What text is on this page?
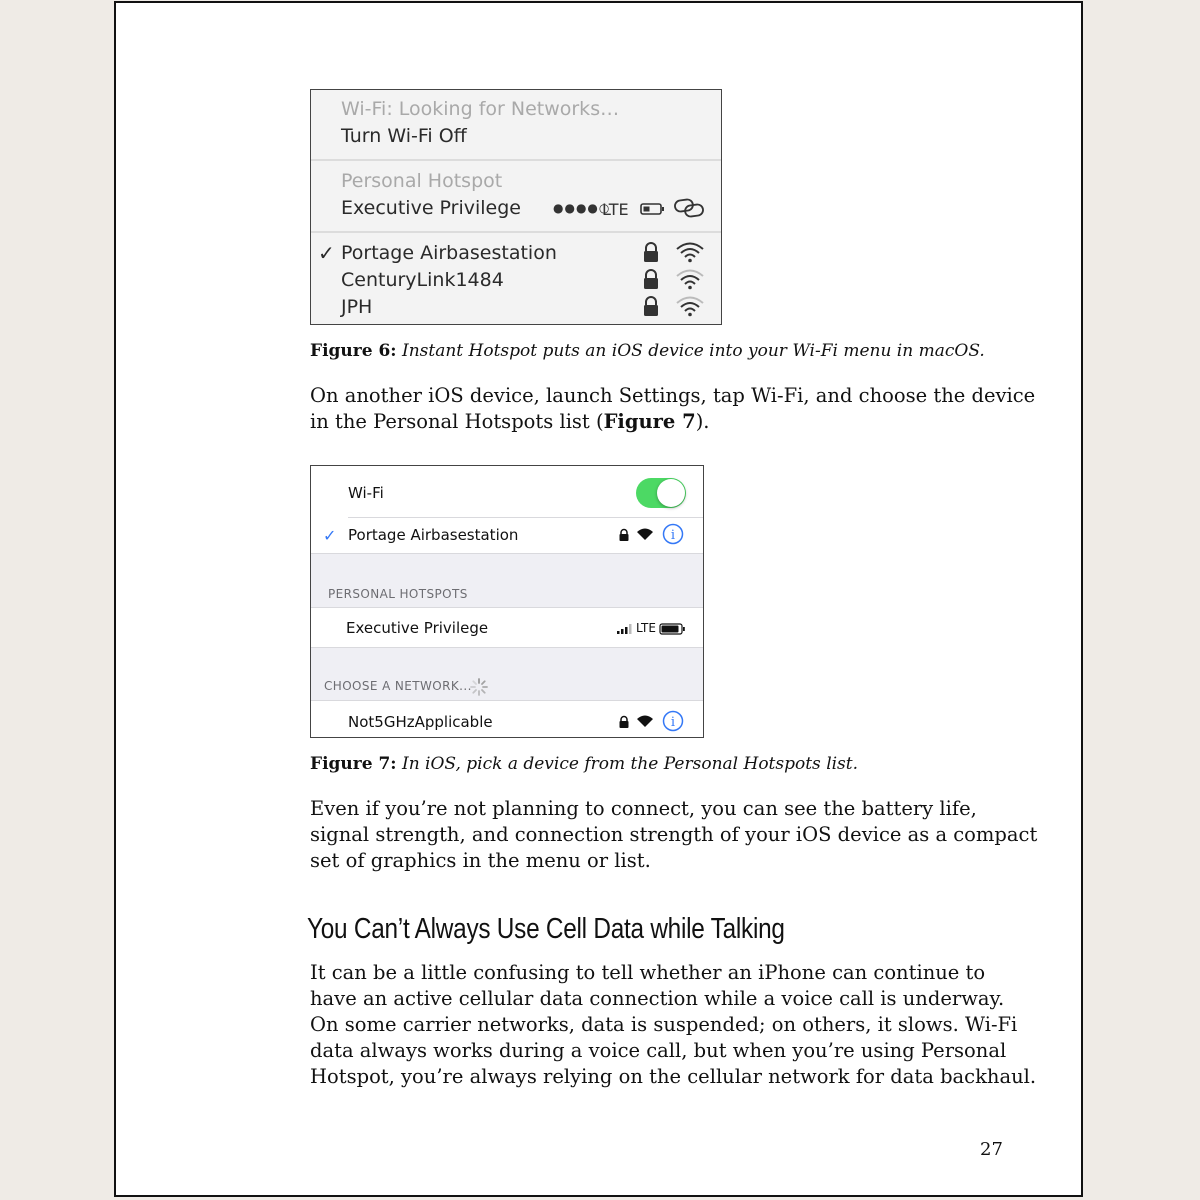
Wi-Fi: Looking for Networks…
Turn Wi-Fi Off
Personal Hotspot
Executive Privilege	●●●●○
LTE
✓ Portage Airbasestation
CenturyLink1484
JPH
Figure 6: Instant Hotspot puts an iOS device into your Wi-Fi menu in macOS.
On another iOS device, launch Settings, tap Wi-Fi, and choose the device
in the Personal Hotspots list (Figure 7).
Wi-Fi
✓ Portage Airbasestation	i
PERSONAL HOTSPOTS
Executive Privilege	LTE
CHOOSE A NETWORK...
Not5GHzApplicable	i
Figure 7: In iOS, pick a device from the Personal Hotspots list.
Even if you’re not planning to connect, you can see the battery life,
signal strength, and connection strength of your iOS device as a compact
set of graphics in the menu or list.
You Can’t Always Use Cell Data while Talking
It can be a little confusing to tell whether an iPhone can continue to
have an active cellular data connection while a voice call is underway.
On some carrier networks, data is suspended; on others, it slows. Wi-Fi
data always works during a voice call, but when you’re using Personal
Hotspot, you’re always relying on the cellular network for data backhaul.
27
